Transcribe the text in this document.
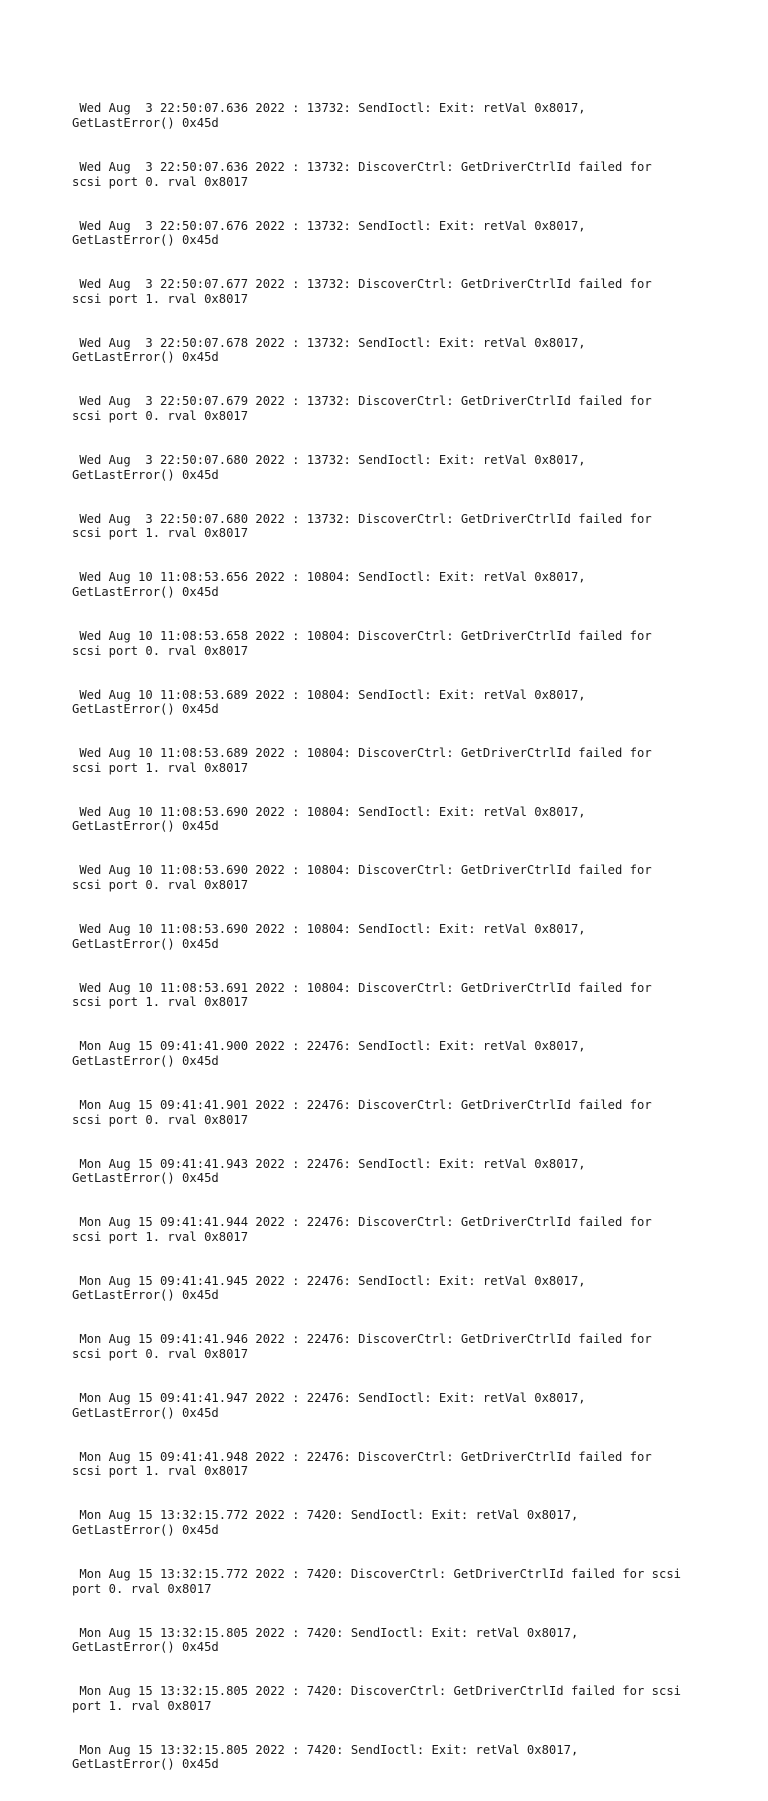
Wed Aug  3 22:50:07.636 2022 : 13732: SendIoctl: Exit: retVal 0x8017,
GetLastError() 0x45d

Wed Aug  3 22:50:07.636 2022 : 13732: DiscoverCtrl: GetDriverCtrlId failed for
scsi port 0. rval 0x8017

Wed Aug  3 22:50:07.676 2022 : 13732: SendIoctl: Exit: retVal 0x8017,
GetLastError() 0x45d

Wed Aug  3 22:50:07.677 2022 : 13732: DiscoverCtrl: GetDriverCtrlId failed for
scsi port 1. rval 0x8017

Wed Aug  3 22:50:07.678 2022 : 13732: SendIoctl: Exit: retVal 0x8017,
GetLastError() 0x45d

Wed Aug  3 22:50:07.679 2022 : 13732: DiscoverCtrl: GetDriverCtrlId failed for
scsi port 0. rval 0x8017

Wed Aug  3 22:50:07.680 2022 : 13732: SendIoctl: Exit: retVal 0x8017,
GetLastError() 0x45d

Wed Aug  3 22:50:07.680 2022 : 13732: DiscoverCtrl: GetDriverCtrlId failed for
scsi port 1. rval 0x8017

Wed Aug 10 11:08:53.656 2022 : 10804: SendIoctl: Exit: retVal 0x8017,
GetLastError() 0x45d

Wed Aug 10 11:08:53.658 2022 : 10804: DiscoverCtrl: GetDriverCtrlId failed for
scsi port 0. rval 0x8017

Wed Aug 10 11:08:53.689 2022 : 10804: SendIoctl: Exit: retVal 0x8017,
GetLastError() 0x45d

Wed Aug 10 11:08:53.689 2022 : 10804: DiscoverCtrl: GetDriverCtrlId failed for
scsi port 1. rval 0x8017

Wed Aug 10 11:08:53.690 2022 : 10804: SendIoctl: Exit: retVal 0x8017,
GetLastError() 0x45d

Wed Aug 10 11:08:53.690 2022 : 10804: DiscoverCtrl: GetDriverCtrlId failed for
scsi port 0. rval 0x8017

Wed Aug 10 11:08:53.690 2022 : 10804: SendIoctl: Exit: retVal 0x8017,
GetLastError() 0x45d

Wed Aug 10 11:08:53.691 2022 : 10804: DiscoverCtrl: GetDriverCtrlId failed for
scsi port 1. rval 0x8017

Mon Aug 15 09:41:41.900 2022 : 22476: SendIoctl: Exit: retVal 0x8017,
GetLastError() 0x45d

Mon Aug 15 09:41:41.901 2022 : 22476: DiscoverCtrl: GetDriverCtrlId failed for
scsi port 0. rval 0x8017

Mon Aug 15 09:41:41.943 2022 : 22476: SendIoctl: Exit: retVal 0x8017,
GetLastError() 0x45d

Mon Aug 15 09:41:41.944 2022 : 22476: DiscoverCtrl: GetDriverCtrlId failed for
scsi port 1. rval 0x8017

Mon Aug 15 09:41:41.945 2022 : 22476: SendIoctl: Exit: retVal 0x8017,
GetLastError() 0x45d

Mon Aug 15 09:41:41.946 2022 : 22476: DiscoverCtrl: GetDriverCtrlId failed for
scsi port 0. rval 0x8017

Mon Aug 15 09:41:41.947 2022 : 22476: SendIoctl: Exit: retVal 0x8017,
GetLastError() 0x45d

Mon Aug 15 09:41:41.948 2022 : 22476: DiscoverCtrl: GetDriverCtrlId failed for
scsi port 1. rval 0x8017

Mon Aug 15 13:32:15.772 2022 : 7420: SendIoctl: Exit: retVal 0x8017,
GetLastError() 0x45d

Mon Aug 15 13:32:15.772 2022 : 7420: DiscoverCtrl: GetDriverCtrlId failed for scsi
port 0. rval 0x8017

Mon Aug 15 13:32:15.805 2022 : 7420: SendIoctl: Exit: retVal 0x8017,
GetLastError() 0x45d

Mon Aug 15 13:32:15.805 2022 : 7420: DiscoverCtrl: GetDriverCtrlId failed for scsi
port 1. rval 0x8017

Mon Aug 15 13:32:15.805 2022 : 7420: SendIoctl: Exit: retVal 0x8017,
GetLastError() 0x45d
